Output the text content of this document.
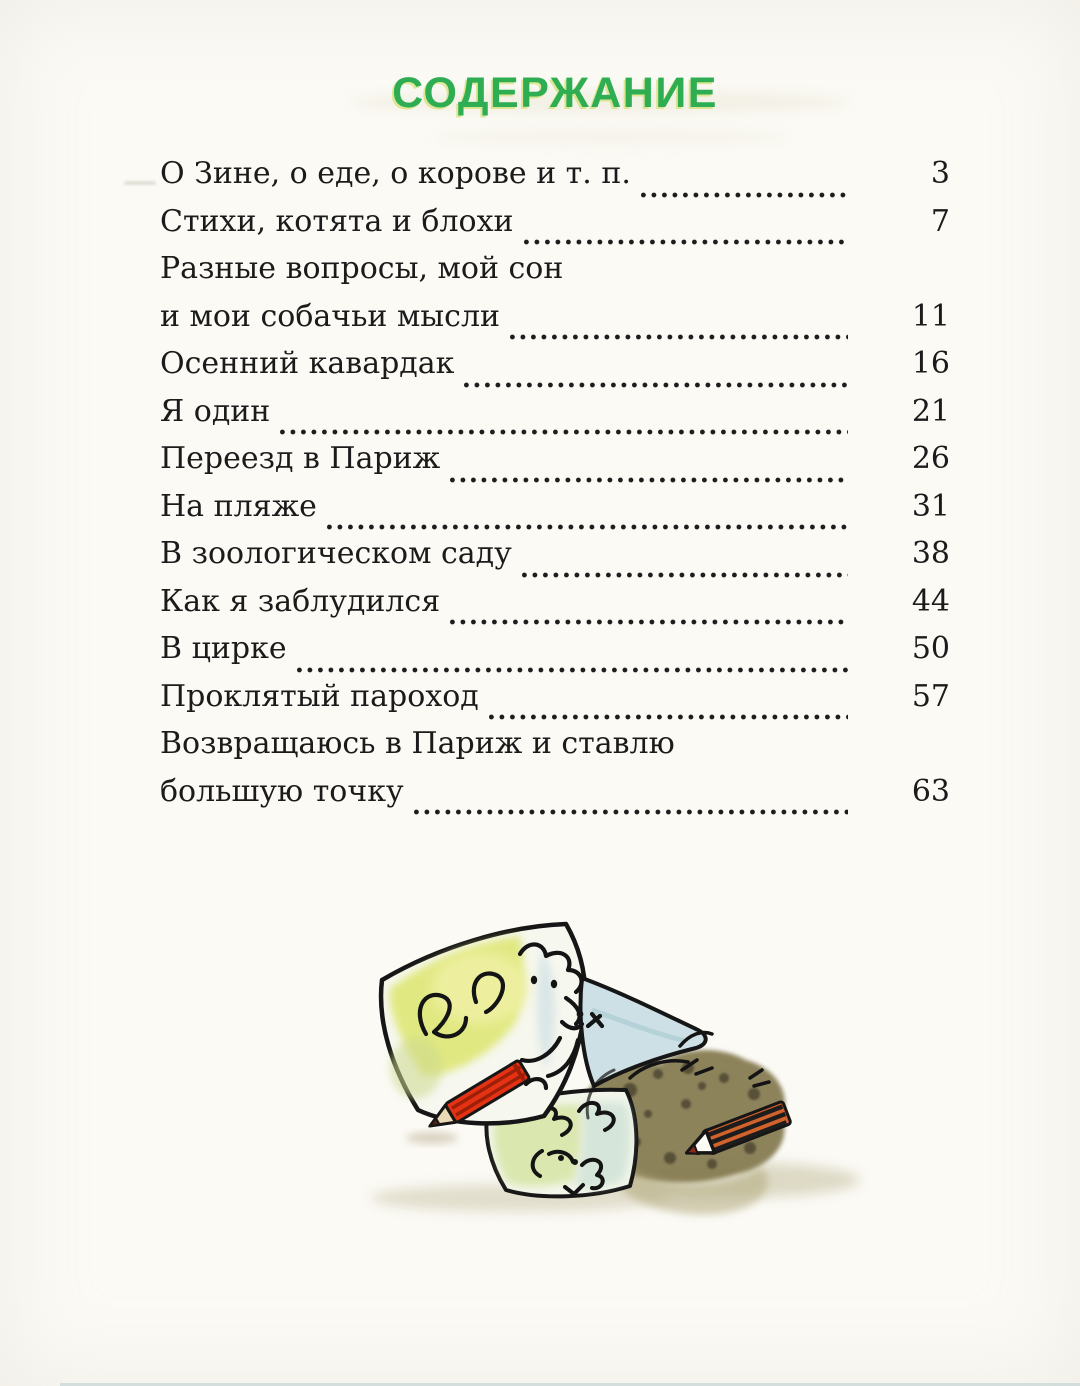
СОДЕРЖАНИЕ
О Зине, о еде, о корове и т. п.	3
Стихи, котята и блохи	7
Разные вопросы, мой сон
и мои собачьи мысли	11
Осенний кавардак	16
Я один	21
Переезд в Париж	26
На пляже	31
В зоологическом саду	38
Как я заблудился	44
В цирке	50
Проклятый пароход	57
Возвращаюсь в Париж и ставлю
большую точку	63
